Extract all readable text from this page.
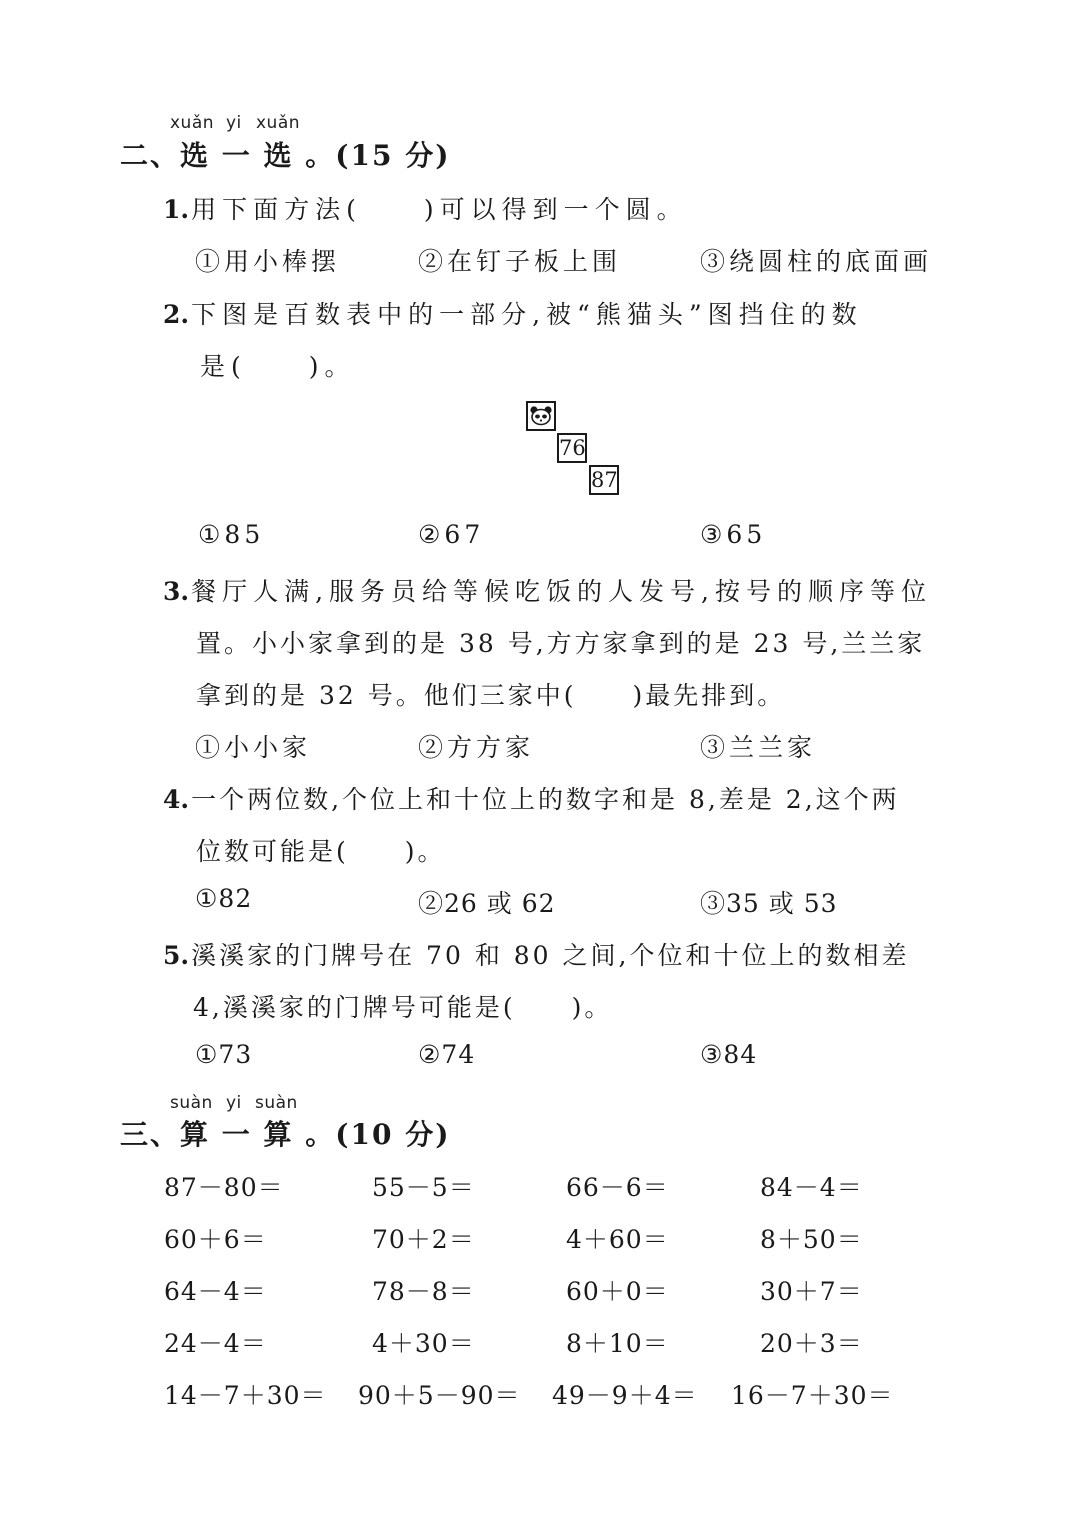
xuǎn yi xuǎn
二、选 一 选 。(15 分)
1.用下面方法(　　)可以得到一个圆。
①用小棒摆	②在钉子板上围	③绕圆柱的底面画
2.下图是百数表中的一部分,被“熊猫头”图挡住的数
是(　　)。
76
87
①85	②67	③65
3.餐厅人满,服务员给等候吃饭的人发号,按号的顺序等位
置。小小家拿到的是 38 号,方方家拿到的是 23 号,兰兰家
拿到的是 32 号。他们三家中(　　)最先排到。
①小小家	②方方家	③兰兰家
4.一个两位数,个位上和十位上的数字和是 8,差是 2,这个两
位数可能是(　　)。
①82	②26 或 62	③35 或 53
5.溪溪家的门牌号在 70 和 80 之间,个位和十位上的数相差
4,溪溪家的门牌号可能是(　　)。
①73	②74	③84
suàn yi suàn
三、算 一 算 。(10 分)
87－80＝	55－5＝	66－6＝	84－4＝
60＋6＝	70＋2＝	4＋60＝	8＋50＝
64－4＝	78－8＝	60＋0＝	30＋7＝
24－4＝	4＋30＝	8＋10＝	20＋3＝
14－7＋30＝ 90＋5－90＝ 49－9＋4＝ 16－7＋30＝
